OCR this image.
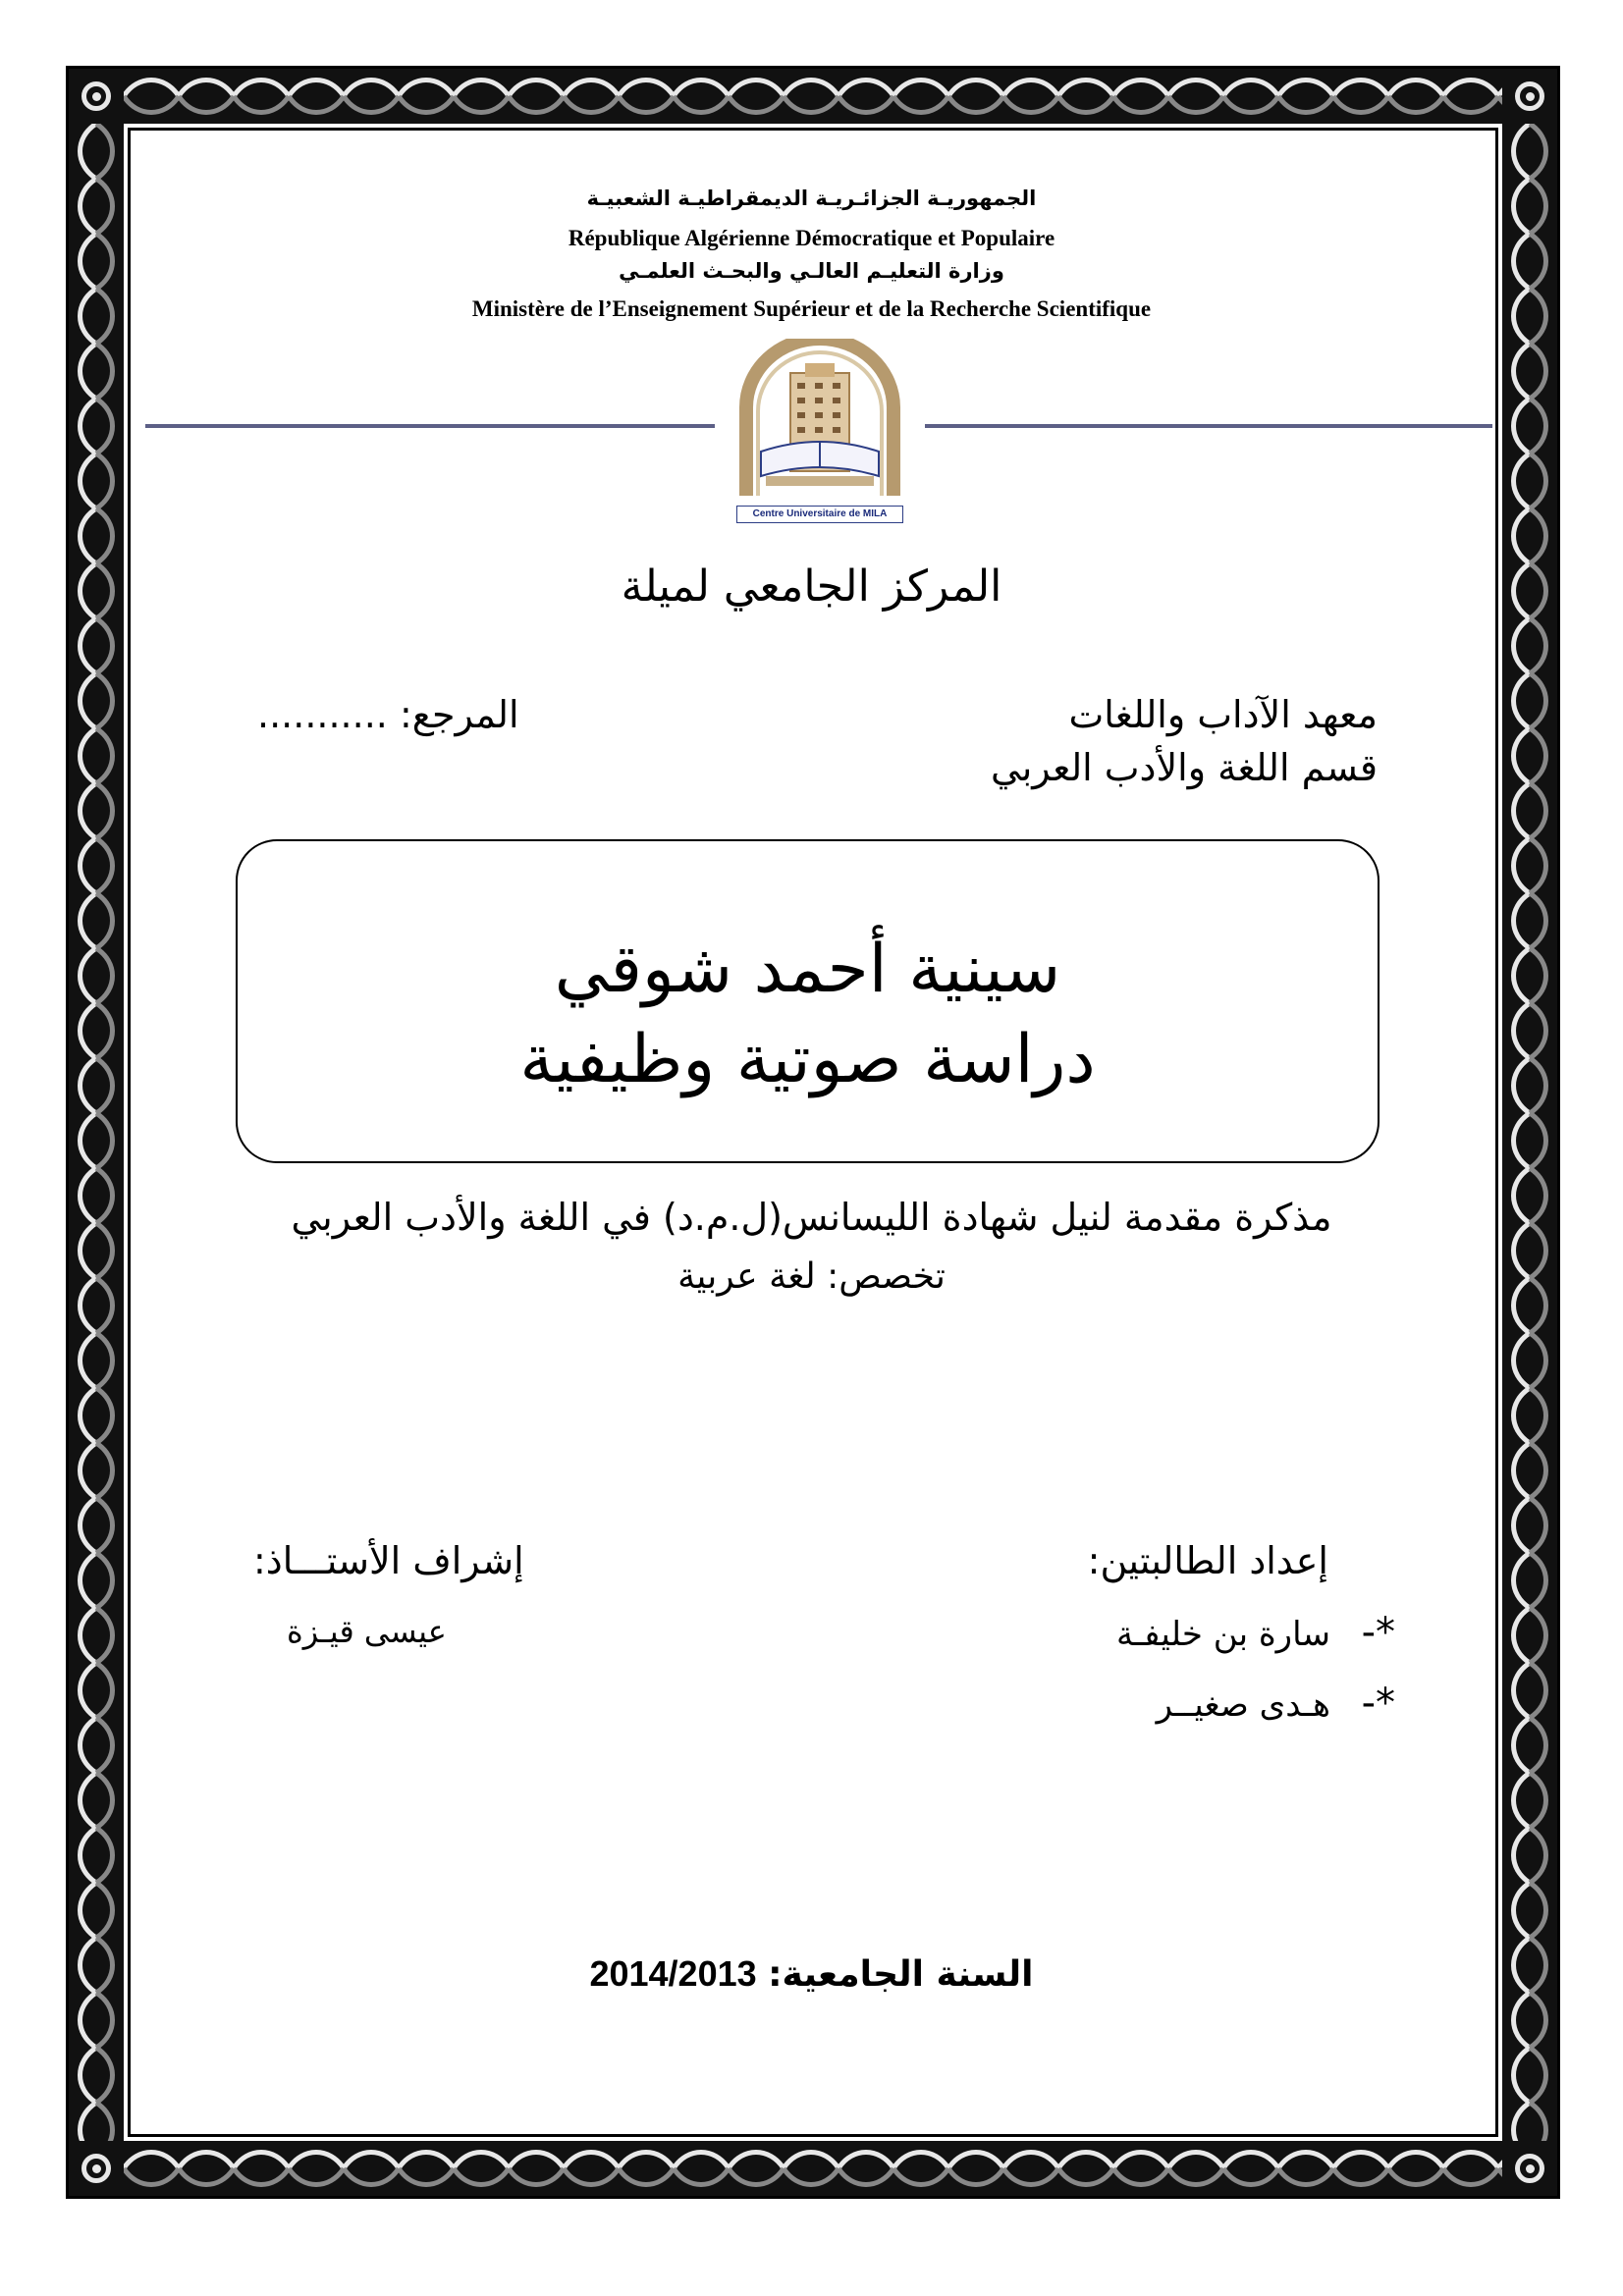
الجمهوريـة الجزائـريـة الديمقراطيـة الشعبيـة
République Algérienne Démocratique et Populaire
وزارة التعليـم العالـي والبحـث العلمـي
Ministère de l’Enseignement Supérieur et de la Recherche Scientifique
Centre Universitaire de MILA
المركز الجامعي لميلة
معهد الآداب واللغات
قسم اللغة والأدب العربي
المرجع: ...........
سينية أحمد شوقي
دراسة صوتية وظيفية
مذكرة مقدمة لنيل شهادة الليسانس(ل.م.د) في اللغة والأدب العربي
تخصص: لغة عربية
إعداد الطالبتين:
*-  سارة بن خليفـة
*-  هـدى صغيــر
إشراف الأستـــاذ:
عيسى قيـزة
السنة الجامعية: 2014/2013
